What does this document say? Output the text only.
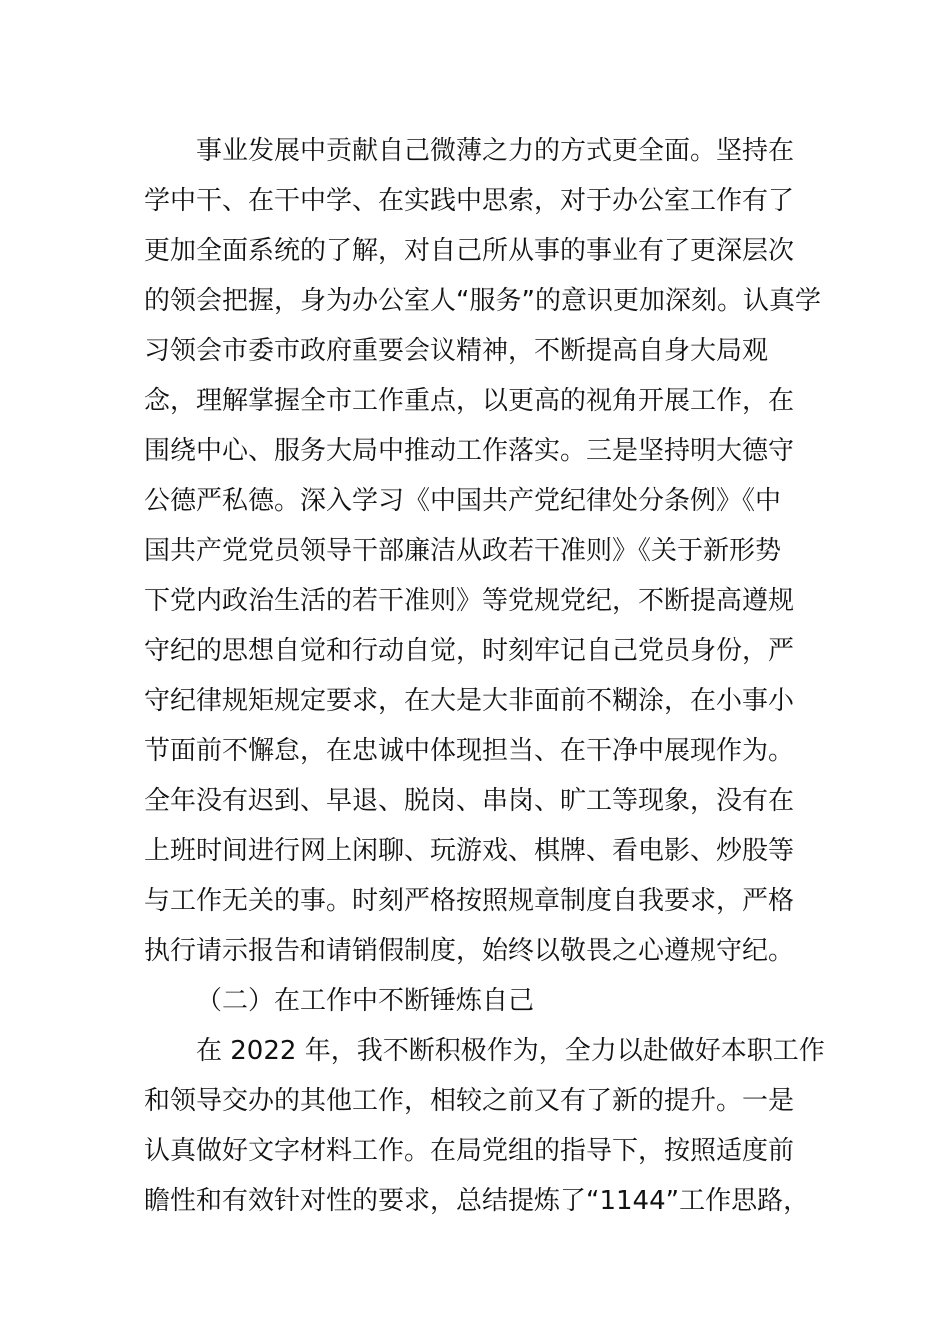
事业发展中贡献自己微薄之力的方式更全面。坚持在
学中干、在干中学、在实践中思索，对于办公室工作有了
更加全面系统的了解，对自己所从事的事业有了更深层次
的领会把握，身为办公室人“服务”的意识更加深刻。认真学
习领会市委市政府重要会议精神，不断提高自身大局观
念，理解掌握全市工作重点，以更高的视角开展工作，在
围绕中心、服务大局中推动工作落实。三是坚持明大德守
公德严私德。深入学习《中国共产党纪律处分条例》《中
国共产党党员领导干部廉洁从政若干准则》《关于新形势
下党内政治生活的若干准则》等党规党纪，不断提高遵规
守纪的思想自觉和行动自觉，时刻牢记自己党员身份，严
守纪律规矩规定要求，在大是大非面前不糊涂，在小事小
节面前不懈怠，在忠诚中体现担当、在干净中展现作为。
全年没有迟到、早退、脱岗、串岗、旷工等现象，没有在
上班时间进行网上闲聊、玩游戏、棋牌、看电影、炒股等
与工作无关的事。时刻严格按照规章制度自我要求，严格
执行请示报告和请销假制度，始终以敬畏之心遵规守纪。
（二）在工作中不断锤炼自己
在 2022 年，我不断积极作为，全力以赴做好本职工作
和领导交办的其他工作，相较之前又有了新的提升。一是
认真做好文字材料工作。在局党组的指导下，按照适度前
瞻性和有效针对性的要求，总结提炼了“1144”工作思路，
